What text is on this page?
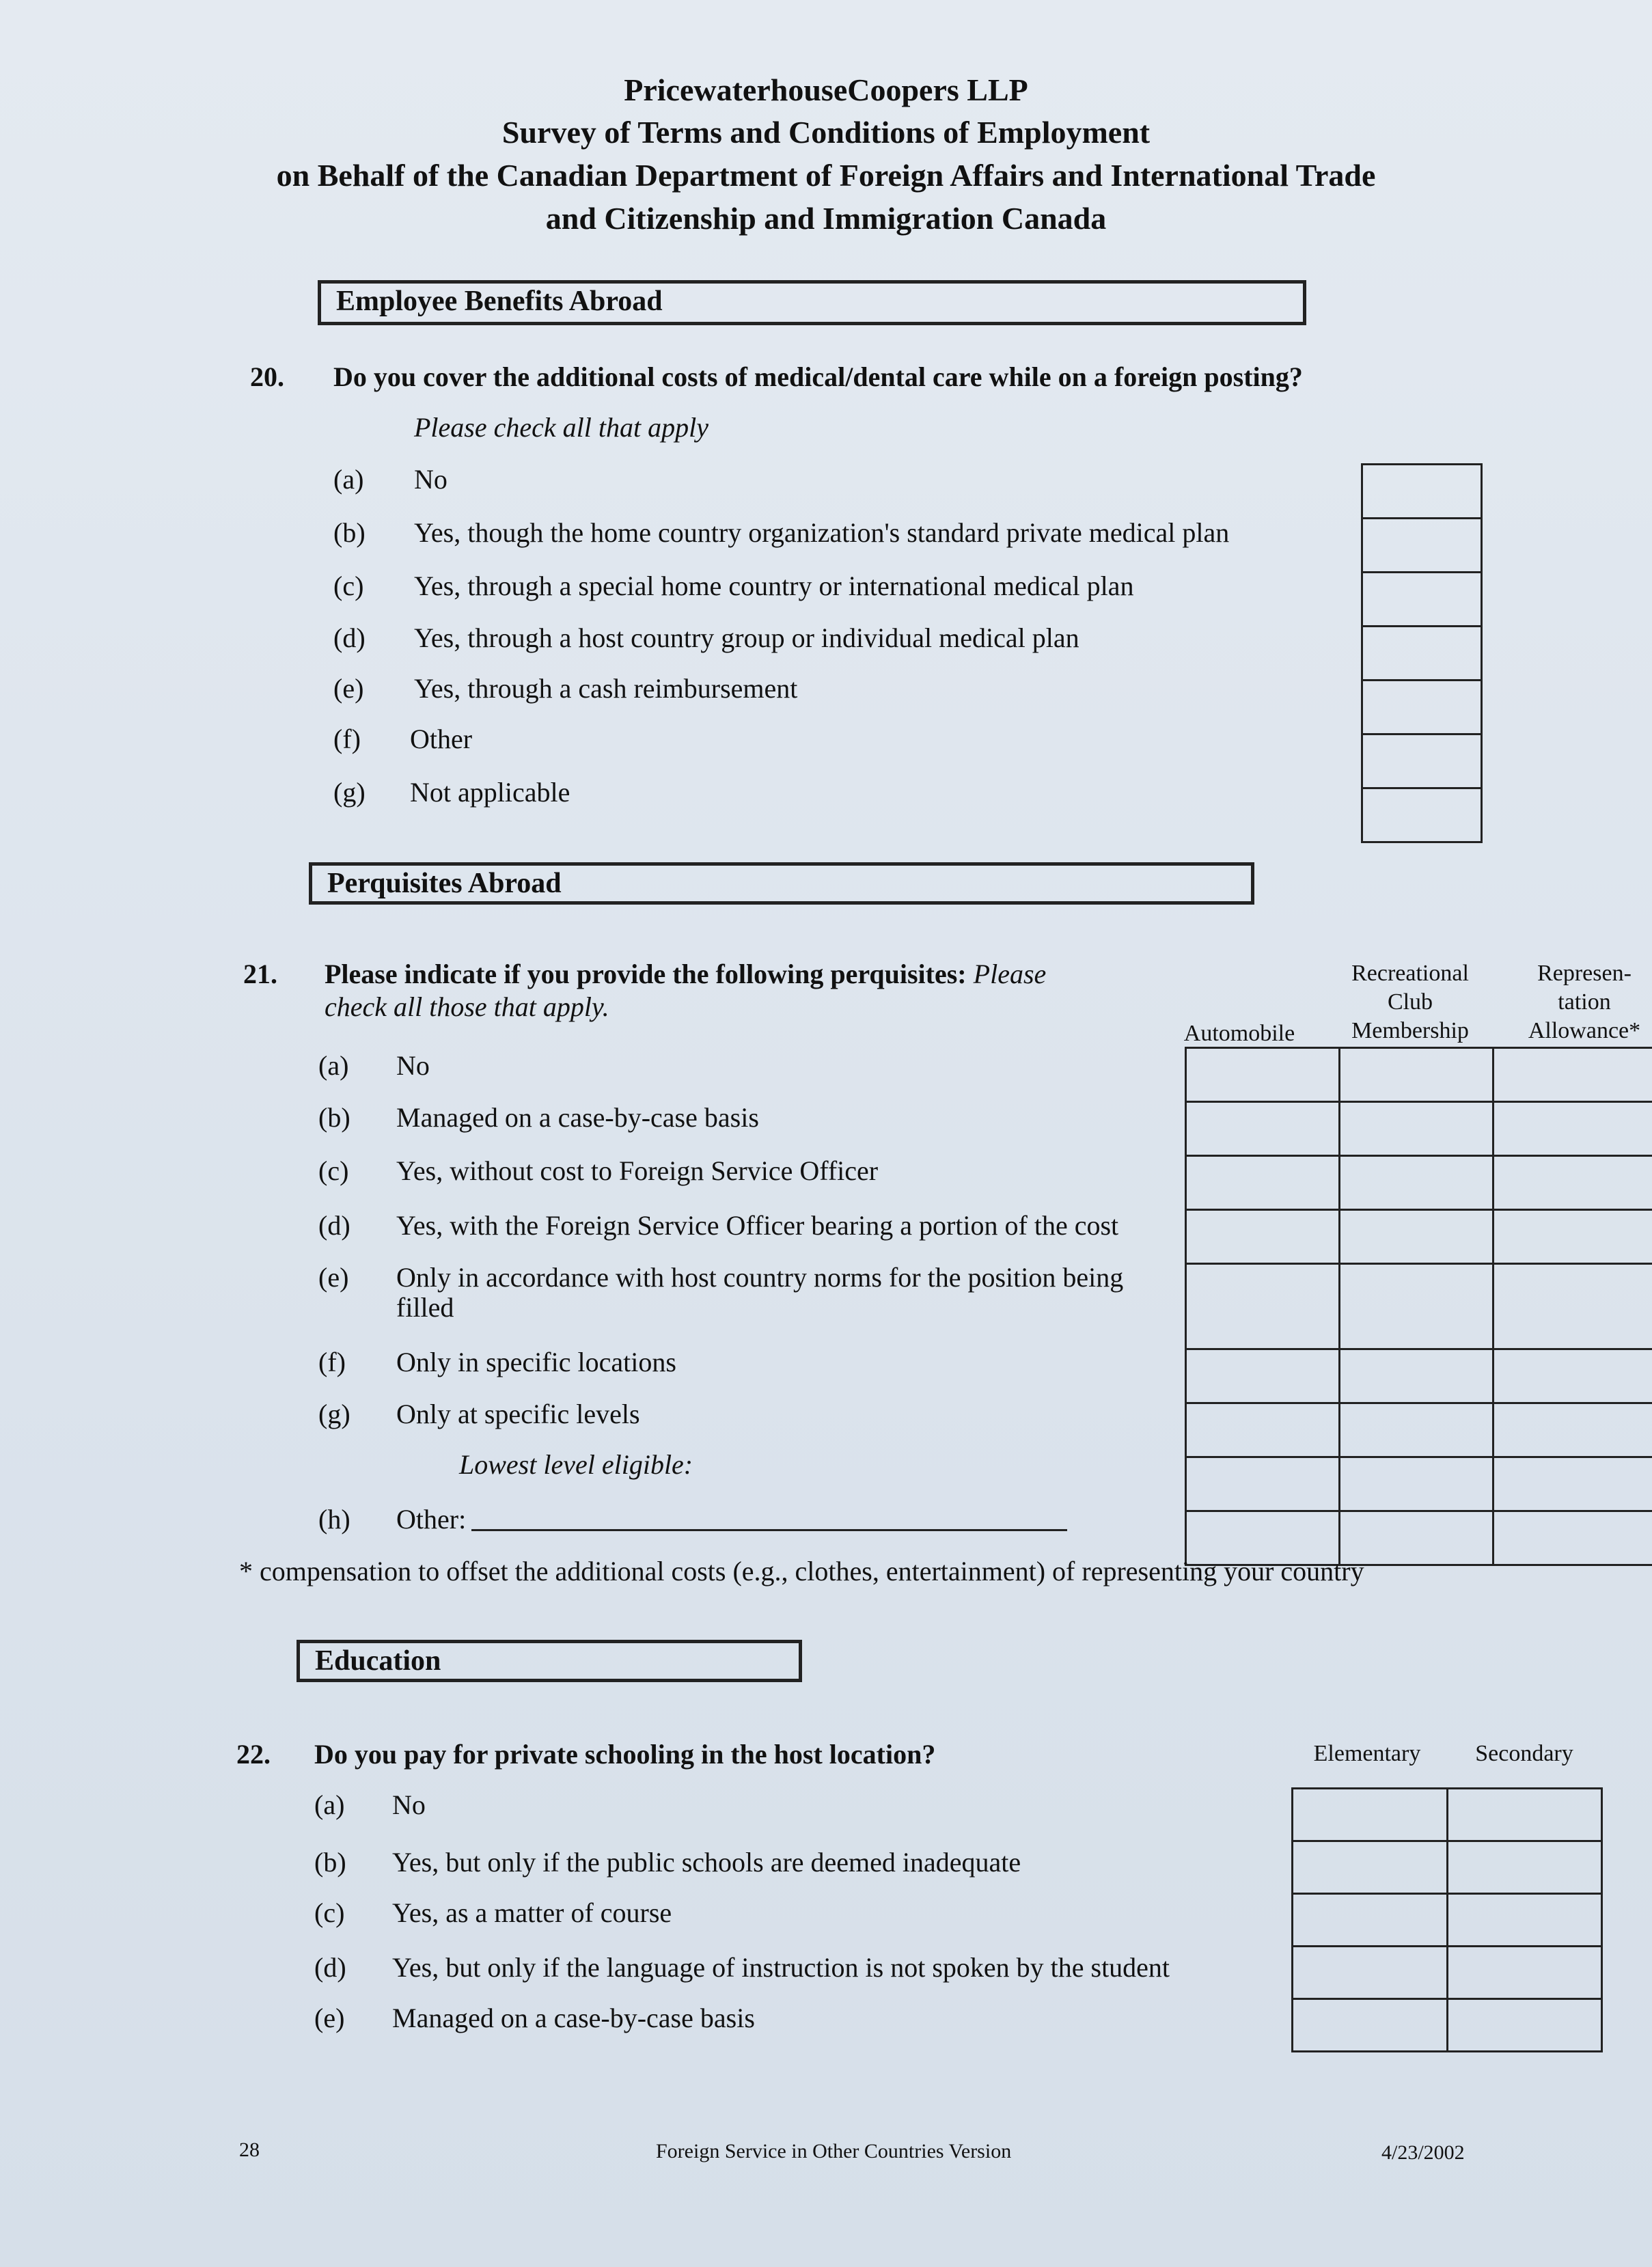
PricewaterhouseCoopers LLP
Survey of Terms and Conditions of Employment
on Behalf of the Canadian Department of Foreign Affairs and International Trade
and Citizenship and Immigration Canada
Employee Benefits Abroad
20. Do you cover the additional costs of medical/dental care while on a foreign posting?
Please check all that apply
(a) No
(b) Yes, though the home country organization's standard private medical plan
(c) Yes, through a special home country or international medical plan
(d) Yes, through a host country group or individual medical plan
(e) Yes, through a cash reimbursement
(f) Other
(g) Not applicable

Perquisites Abroad
21. Please indicate if you provide the following perquisites: Please
check all those that apply.
Automobile
Recreational
Club
Membership
Represen-
tation
Allowance*
(a) No
(b) Managed on a case-by-case basis
(c) Yes, without cost to Foreign Service Officer
(d) Yes, with the Foreign Service Officer bearing a portion of the cost
(e) Only in accordance with host country norms for the position being
filled
(f) Only in specific locations
(g) Only at specific levels
Lowest level eligible:
(h) Other:

* compensation to offset the additional costs (e.g., clothes, entertainment) of representing your country
Education
22. Do you pay for private schooling in the host location?	Elementary	Secondary
(a) No
(b) Yes, but only if the public schools are deemed inadequate
(c) Yes, as a matter of course
(d) Yes, but only if the language of instruction is not spoken by the student
(e) Managed on a case-by-case basis

28	Foreign Service in Other Countries Version	4/23/2002
